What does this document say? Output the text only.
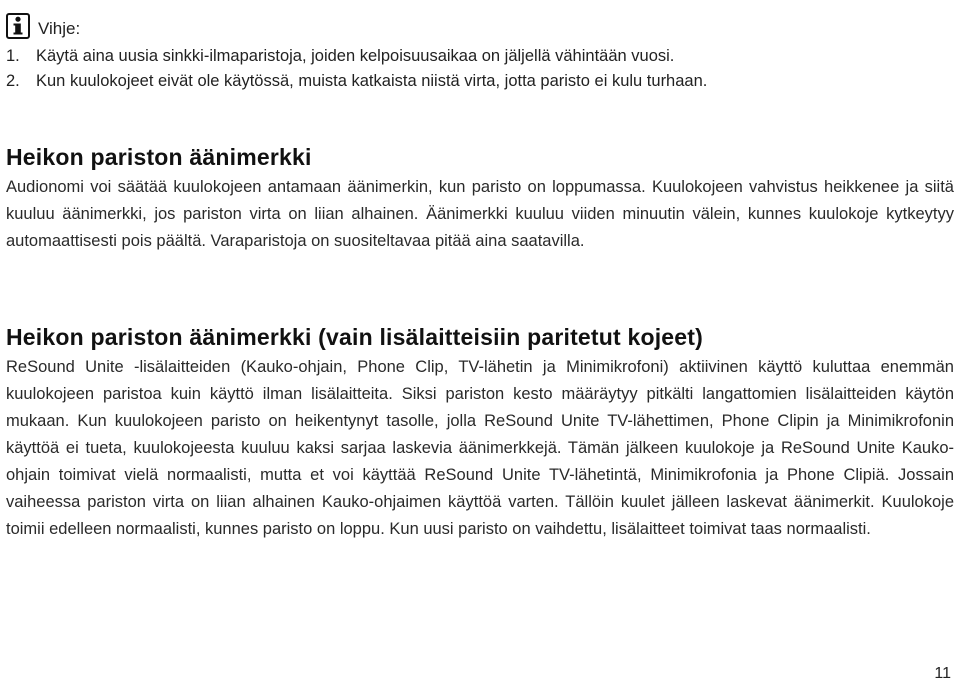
Vihje:
1. Käytä aina uusia sinkki-ilmaparistoja, joiden kelpoisuusaikaa on jäljellä vähintään vuosi.
2. Kun kuulokojeet eivät ole käytössä, muista katkaista niistä virta, jotta paristo ei kulu turhaan.
Heikon pariston äänimerkki

Audionomi voi säätää kuulokojeen antamaan äänimerkin, kun paristo on loppumassa. Kuulokojeen vahvistus heikkenee ja siitä kuuluu äänimerkki, jos pariston virta on liian alhainen. Äänimerkki kuuluu viiden minuutin välein, kunnes kuulokoje kytkeytyy automaattisesti pois päältä. Varaparistoja on suositeltavaa pitää aina saatavilla.

Heikon pariston äänimerkki (vain lisälaitteisiin paritetut kojeet)

ReSound Unite -lisälaitteiden (Kauko-ohjain, Phone Clip, TV-lähetin ja Minimikrofoni) aktiivinen käyttö kuluttaa enemmän kuulokojeen paristoa kuin käyttö ilman lisälaitteita. Siksi pariston kesto määräytyy pitkälti langattomien lisälaitteiden käytön mukaan. Kun kuulokojeen paristo on heikentynyt tasolle, jolla ReSound Unite TV-lähettimen, Phone Clipin ja Minimikrofonin käyttöä ei tueta, kuulokojeesta kuuluu kaksi sarjaa laskevia äänimerkkejä. Tämän jälkeen kuulokoje ja ReSound Unite Kauko-ohjain toimivat vielä normaalisti, mutta et voi käyttää ReSound Unite TV-lähetintä, Minimikrofonia ja Phone Clipiä. Jossain vaiheessa pariston virta on liian alhainen Kauko-ohjaimen käyttöä varten. Tällöin kuulet jälleen laskevat äänimerkit. Kuulokoje toimii edelleen normaalisti, kunnes paristo on loppu. Kun uusi paristo on vaihdettu, lisälaitteet toimivat taas normaalisti.

11
